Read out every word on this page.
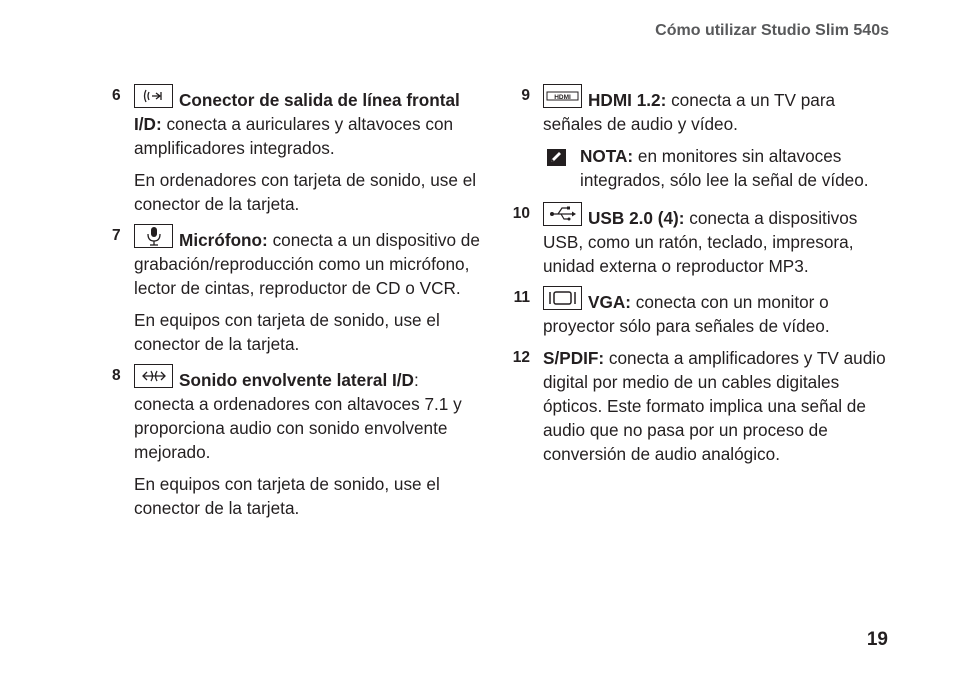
Cómo utilizar Studio Slim 540s
6	Conector de salida de línea frontal I/D: conecta a auriculares y altavoces con amplificadores integrados.

En ordenadores con tarjeta de sonido, use el conector de la tarjeta.

7	Micrófono: conecta a un dispositivo de grabación/reproducción como un micrófono, lector de cintas, reproductor de CD o VCR.

En equipos con tarjeta de sonido, use el conector de la tarjeta.

8	Sonido envolvente lateral I/D: conecta a ordenadores con altavoces 7.1 y proporciona audio con sonido envolvente mejorado.

En equipos con tarjeta de sonido, use el conector de la tarjeta.

9	HDMI HDMI 1.2: conecta a un TV para señales de audio y vídeo.

NOTA: en monitores sin altavoces integrados, sólo lee la señal de vídeo.
10	USB 2.0 (4): conecta a dispositivos USB, como un ratón, teclado, impresora, unidad externa o reproductor MP3.

11	VGA: conecta con un monitor o proyector sólo para señales de vídeo.

12 S/PDIF: conecta a amplificadores y TV audio digital por medio de un cables digitales ópticos. Este formato implica una señal de audio que no pasa por un proceso de conversión de audio analógico.

19
